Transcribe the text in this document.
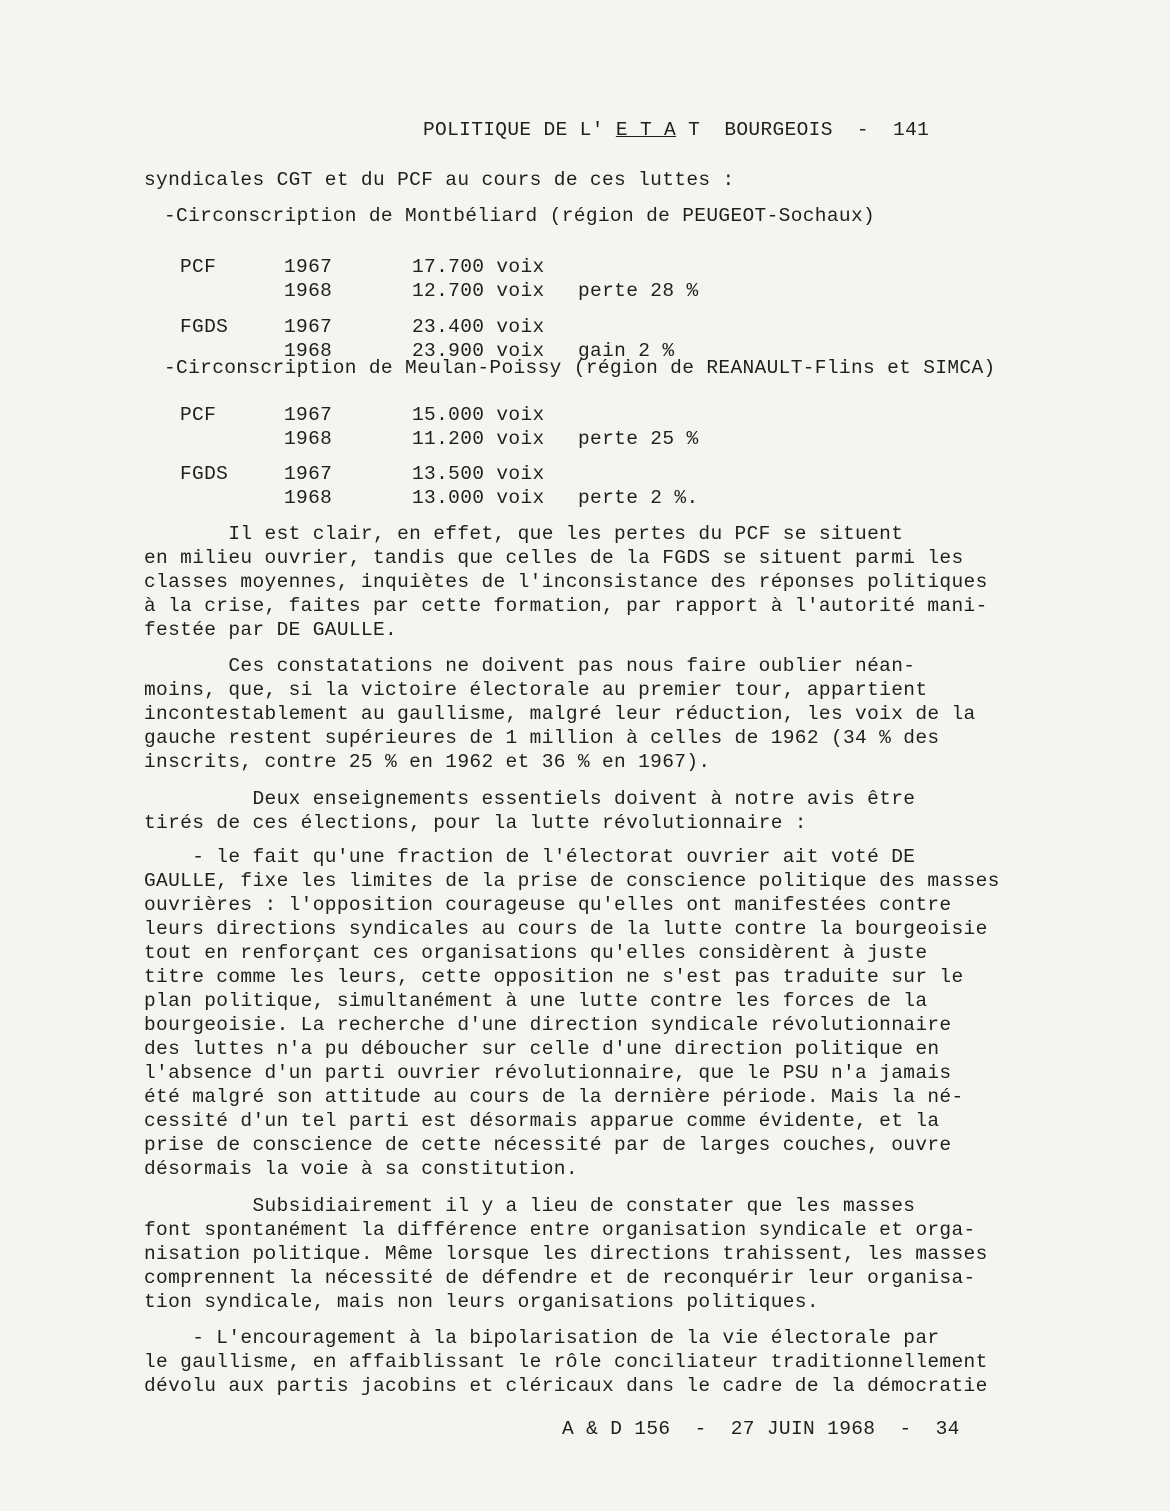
POLITIQUE DE L' E T A T  BOURGEOIS  -  141
syndicales CGT et du PCF au cours de ces luttes :
-Circonscription de Montbéliard (région de PEUGEOT-Sochaux)
PCF	1967	17.700 voix
1968	12.700 voix perte 28 %
FGDS	1967	23.400 voix
1968	23.900 voix gain 2 %
-Circonscription de Meulan-Poissy (région de REANAULT-Flins et SIMCA)
PCF	1967	15.000 voix
1968	11.200 voix perte 25 %
FGDS	1967	13.500 voix
1968	13.000 voix perte 2 %.
Il est clair, en effet, que les pertes du PCF se situent
en milieu ouvrier, tandis que celles de la FGDS se situent parmi les
classes moyennes, inquiètes de l'inconsistance des réponses politiques
à la crise, faites par cette formation, par rapport à l'autorité mani-
festée par DE GAULLE.
Ces constatations ne doivent pas nous faire oublier néan-
moins, que, si la victoire électorale au premier tour, appartient
incontestablement au gaullisme, malgré leur réduction, les voix de la
gauche restent supérieures de 1 million à celles de 1962 (34 % des
inscrits, contre 25 % en 1962 et 36 % en 1967).
Deux enseignements essentiels doivent à notre avis être
tirés de ces élections, pour la lutte révolutionnaire :
- le fait qu'une fraction de l'électorat ouvrier ait voté DE
GAULLE, fixe les limites de la prise de conscience politique des masses
ouvrières : l'opposition courageuse qu'elles ont manifestées contre
leurs directions syndicales au cours de la lutte contre la bourgeoisie
tout en renforçant ces organisations qu'elles considèrent à juste
titre comme les leurs, cette opposition ne s'est pas traduite sur le
plan politique, simultanément à une lutte contre les forces de la
bourgeoisie. La recherche d'une direction syndicale révolutionnaire
des luttes n'a pu déboucher sur celle d'une direction politique en
l'absence d'un parti ouvrier révolutionnaire, que le PSU n'a jamais
été malgré son attitude au cours de la dernière période. Mais la né-
cessité d'un tel parti est désormais apparue comme évidente, et la
prise de conscience de cette nécessité par de larges couches, ouvre
désormais la voie à sa constitution.
Subsidiairement il y a lieu de constater que les masses
font spontanément la différence entre organisation syndicale et orga-
nisation politique. Même lorsque les directions trahissent, les masses
comprennent la nécessité de défendre et de reconquérir leur organisa-
tion syndicale, mais non leurs organisations politiques.
- L'encouragement à la bipolarisation de la vie électorale par
le gaullisme, en affaiblissant le rôle conciliateur traditionnellement
dévolu aux partis jacobins et cléricaux dans le cadre de la démocratie
A & D 156  -  27 JUIN 1968  -  34
